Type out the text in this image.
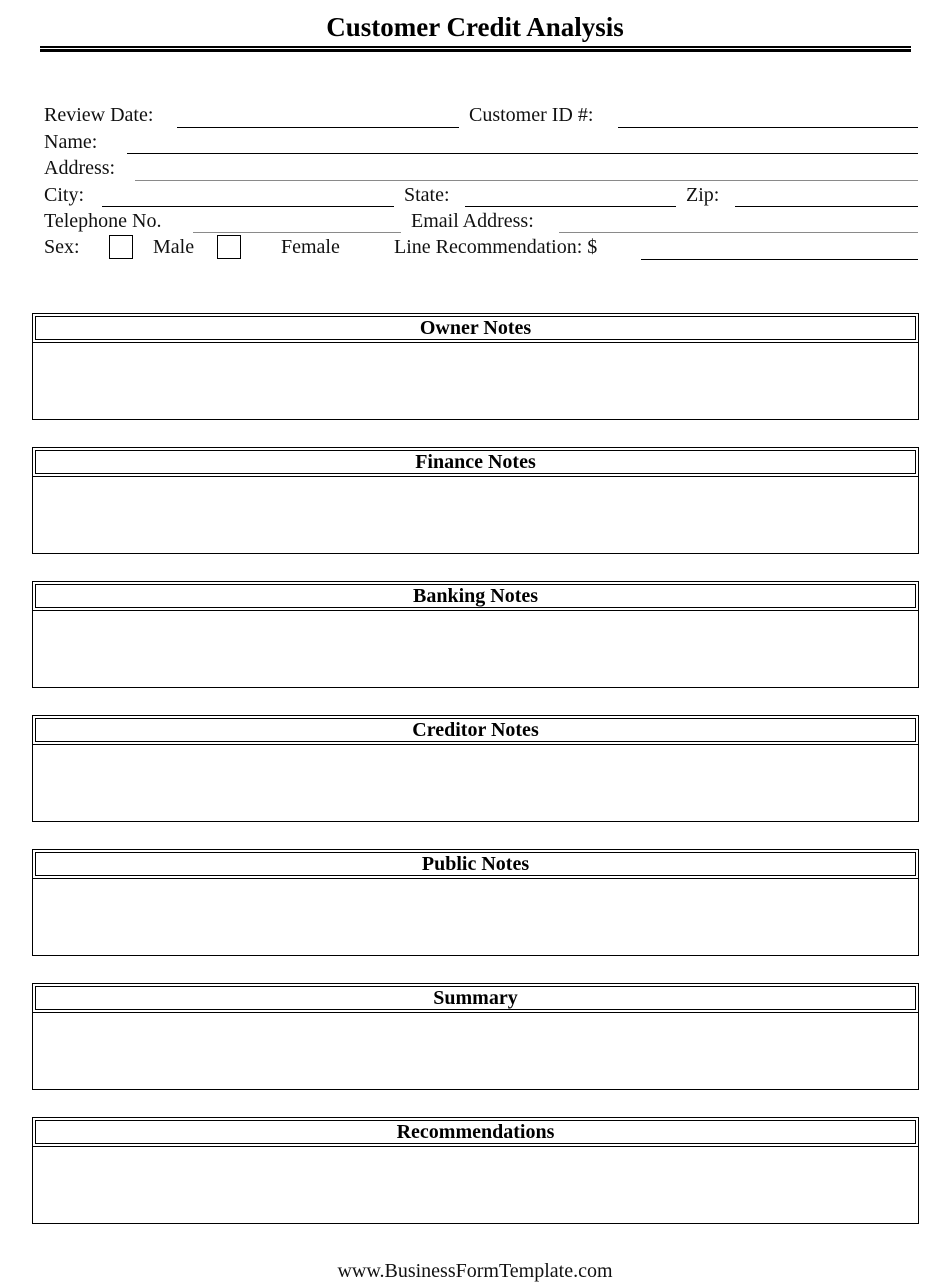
Customer Credit Analysis
Review Date:	Customer ID #:
Name:
Address:
City:	State:	Zip:
Telephone No.	Email Address:
Sex:	Male	Female	Line Recommendation: $
Owner Notes
Finance Notes
Banking Notes
Creditor Notes
Public Notes
Summary
Recommendations
www.BusinessFormTemplate.com
